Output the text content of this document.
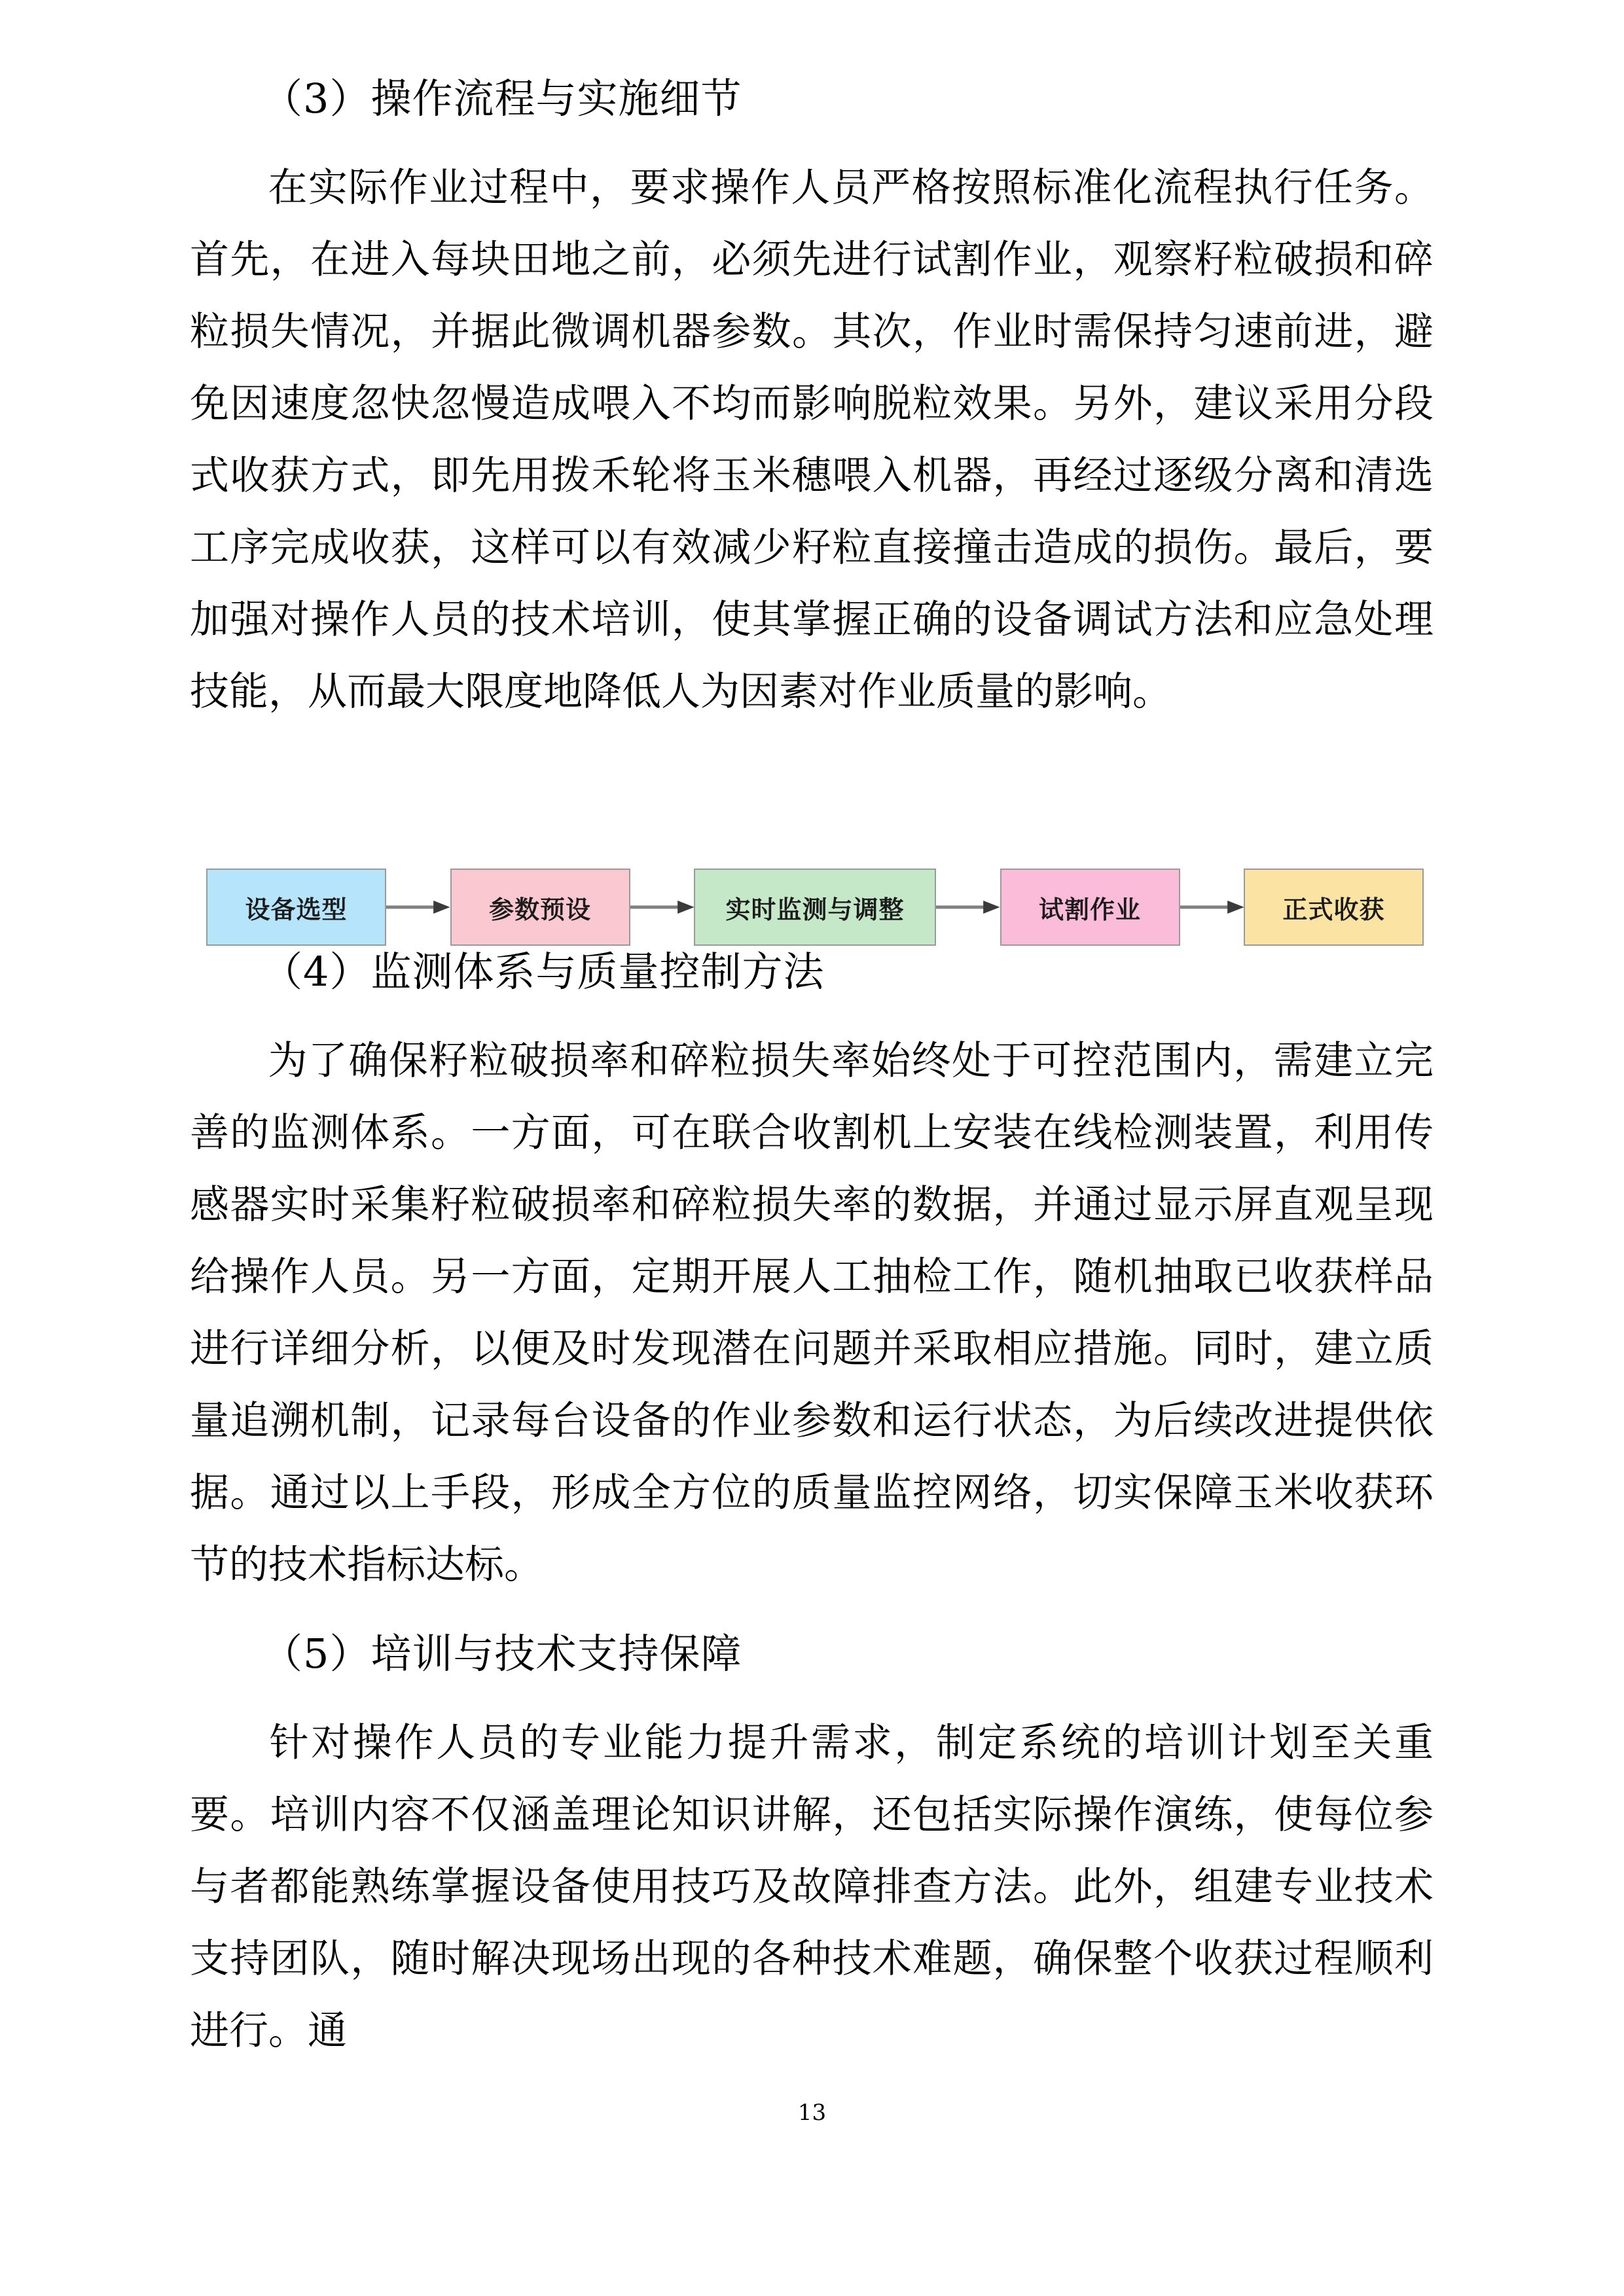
（3）操作流程与实施细节
在实际作业过程中，要求操作人员严格按照标准化流程执行任务。首先，在进入每块田地之前，必须先进行试割作业，观察籽粒破损和碎粒损失情况，并据此微调机器参数。其次，作业时需保持匀速前进，避免因速度忽快忽慢造成喂入不均而影响脱粒效果。另外，建议采用分段式收获方式，即先用拨禾轮将玉米穗喂入机器，再经过逐级分离和清选工序完成收获，这样可以有效减少籽粒直接撞击造成的损伤。最后，要加强对操作人员的技术培训，使其掌握正确的设备调试方法和应急处理技能，从而最大限度地降低人为因素对作业质量的影响。
（4）监测体系与质量控制方法
为了确保籽粒破损率和碎粒损失率始终处于可控范围内，需建立完善的监测体系。一方面，可在联合收割机上安装在线检测装置，利用传感器实时采集籽粒破损率和碎粒损失率的数据，并通过显示屏直观呈现给操作人员。另一方面，定期开展人工抽检工作，随机抽取已收获样品进行详细分析，以便及时发现潜在问题并采取相应措施。同时，建立质量追溯机制，记录每台设备的作业参数和运行状态，为后续改进提供依据。通过以上手段，形成全方位的质量监控网络，切实保障玉米收获环节的技术指标达标。
（5）培训与技术支持保障
针对操作人员的专业能力提升需求，制定系统的培训计划至关重要。培训内容不仅涵盖理论知识讲解，还包括实际操作演练，使每位参与者都能熟练掌握设备使用技巧及故障排查方法。此外，组建专业技术支持团队，随时解决现场出现的各种技术难题，确保整个收获过程顺利进行。通
设备选型	参数预设	实时监测与调整	试割作业	正式收获
13
